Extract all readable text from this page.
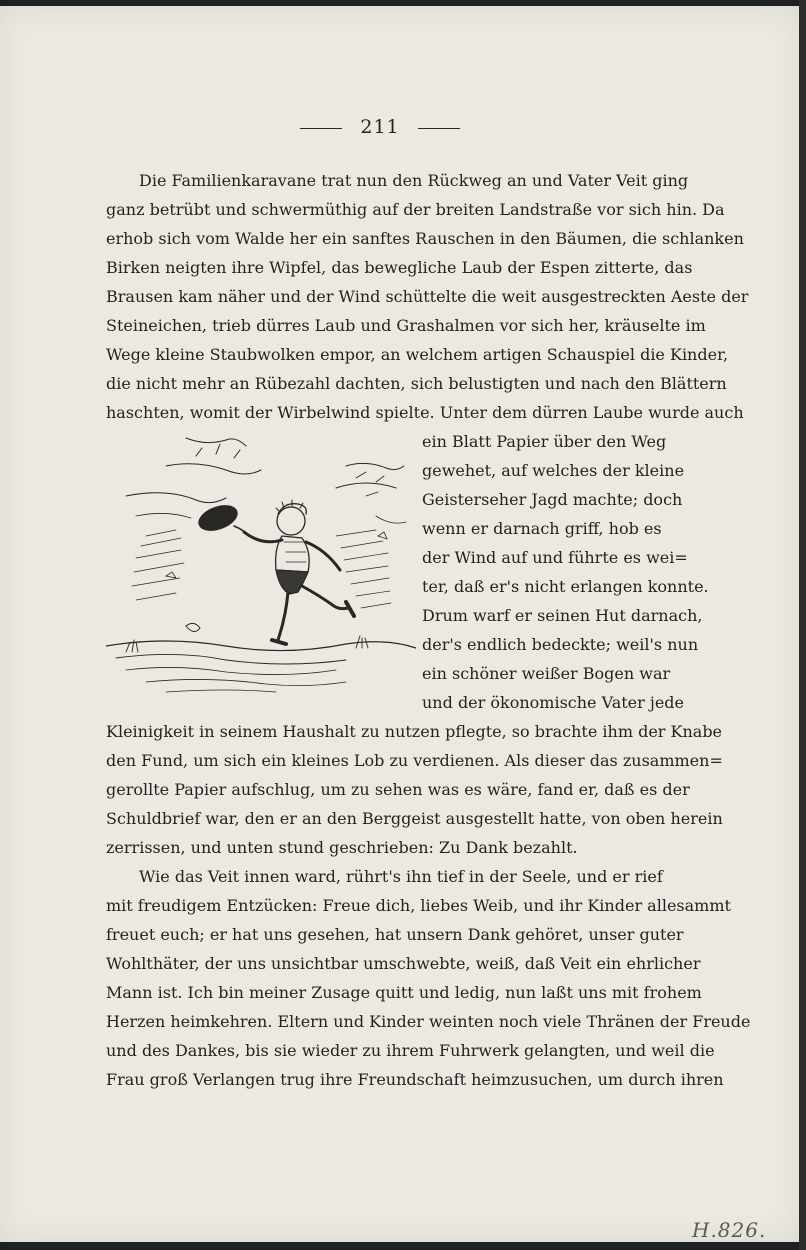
211
Die Familienkaravane trat nun den Rückweg an und Vater Veit ging
ganz betrübt und schwermüthig auf der breiten Landstraße vor sich hin. Da
erhob sich vom Walde her ein sanftes Rauschen in den Bäumen, die schlanken
Birken neigten ihre Wipfel, das bewegliche Laub der Espen zitterte, das
Brausen kam näher und der Wind schüttelte die weit ausgestreckten Aeste der
Steineichen, trieb dürres Laub und Grashalmen vor sich her, kräuselte im
Wege kleine Staubwolken empor, an welchem artigen Schauspiel die Kinder,
die nicht mehr an Rübezahl dachten, sich belustigten und nach den Blättern
haschten, womit der Wirbelwind spielte. Unter dem dürren Laube wurde auch
ein Blatt Papier über den Weg
gewehet, auf welches der kleine
Geisterseher Jagd machte; doch
wenn er darnach griff, hob es
der Wind auf und führte es wei=
ter, daß er's nicht erlangen konnte.
Drum warf er seinen Hut darnach,
der's endlich bedeckte; weil's nun
ein schöner weißer Bogen war
und der ökonomische Vater jede
Kleinigkeit in seinem Haushalt zu nutzen pflegte, so brachte ihm der Knabe
den Fund, um sich ein kleines Lob zu verdienen. Als dieser das zusammen=
gerollte Papier aufschlug, um zu sehen was es wäre, fand er, daß es der
Schuldbrief war, den er an den Berggeist ausgestellt hatte, von oben herein
zerrissen, und unten stund geschrieben: Zu Dank bezahlt.
Wie das Veit innen ward, rührt's ihn tief in der Seele, und er rief
mit freudigem Entzücken: Freue dich, liebes Weib, und ihr Kinder allesammt
freuet euch; er hat uns gesehen, hat unsern Dank gehöret, unser guter
Wohlthäter, der uns unsichtbar umschwebte, weiß, daß Veit ein ehrlicher
Mann ist. Ich bin meiner Zusage quitt und ledig, nun laßt uns mit frohem
Herzen heimkehren. Eltern und Kinder weinten noch viele Thränen der Freude
und des Dankes, bis sie wieder zu ihrem Fuhrwerk gelangten, und weil die
Frau groß Verlangen trug ihre Freundschaft heimzusuchen, um durch ihren
H.826.
